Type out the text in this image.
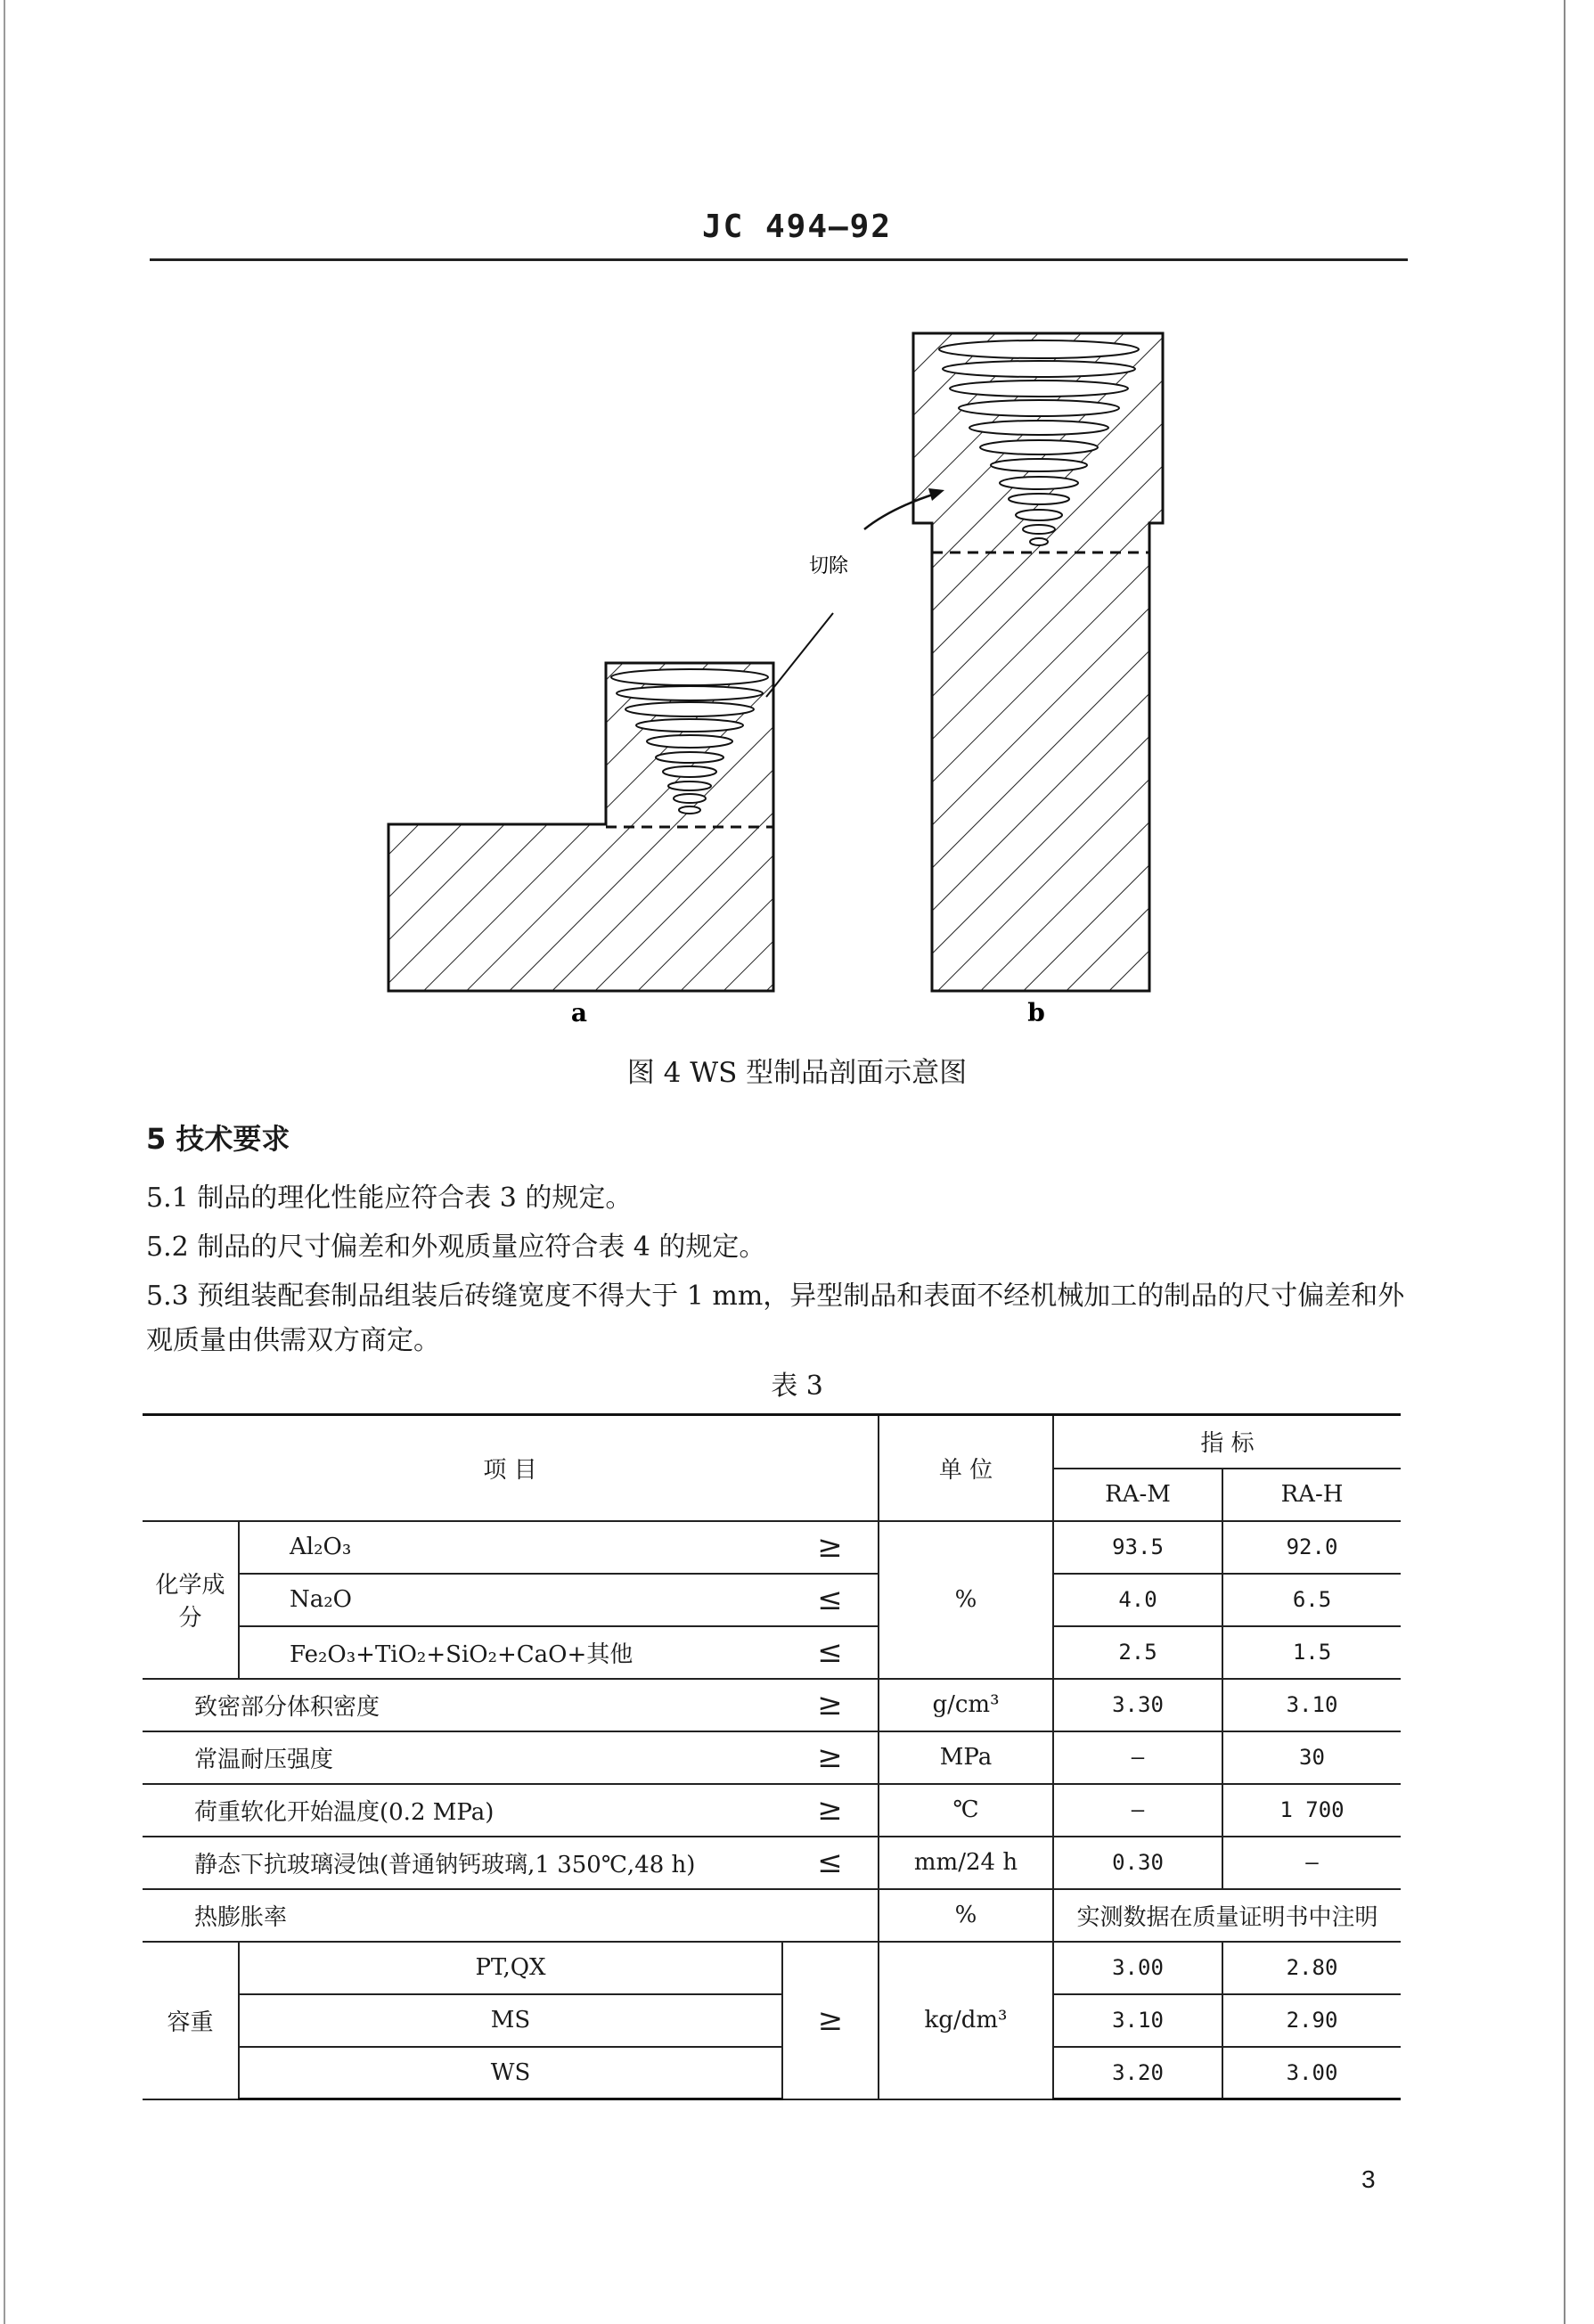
JC 494—92
a	b
切除
图 4 WS 型制品剖面示意图
5 技术要求
5.1 制品的理化性能应符合表 3 的规定。
5.2 制品的尺寸偏差和外观质量应符合表 4 的规定。
5.3 预组装配套制品组装后砖缝宽度不得大于 1 mm，异型制品和表面不经机械加工的制品的尺寸偏差和外观质量由供需双方商定。
表 3
项 目			单 位	指 标	
				RA-M	RA-H
化学成分	Al₂O₃	≥	%	93.5	92.0
	Na₂O	≤		4.0	6.5
	Fe₂O₃+TiO₂+SiO₂+CaO+其他	≤		2.5	1.5
致密部分体积密度		≥	g/cm³	3.30	3.10
常温耐压强度		≥	MPa	—	30
荷重软化开始温度(0.2 MPa)		≥	℃	—	1 700
静态下抗玻璃浸蚀(普通钠钙玻璃,1 350℃,48 h)		≤	mm/24 h	0.30	—
热膨胀率			%	实测数据在质量证明书中注明	
容重	PT,QX	≥	kg/dm³	3.00	2.80
	MS			3.10	2.90
	WS			3.20	3.00
3
